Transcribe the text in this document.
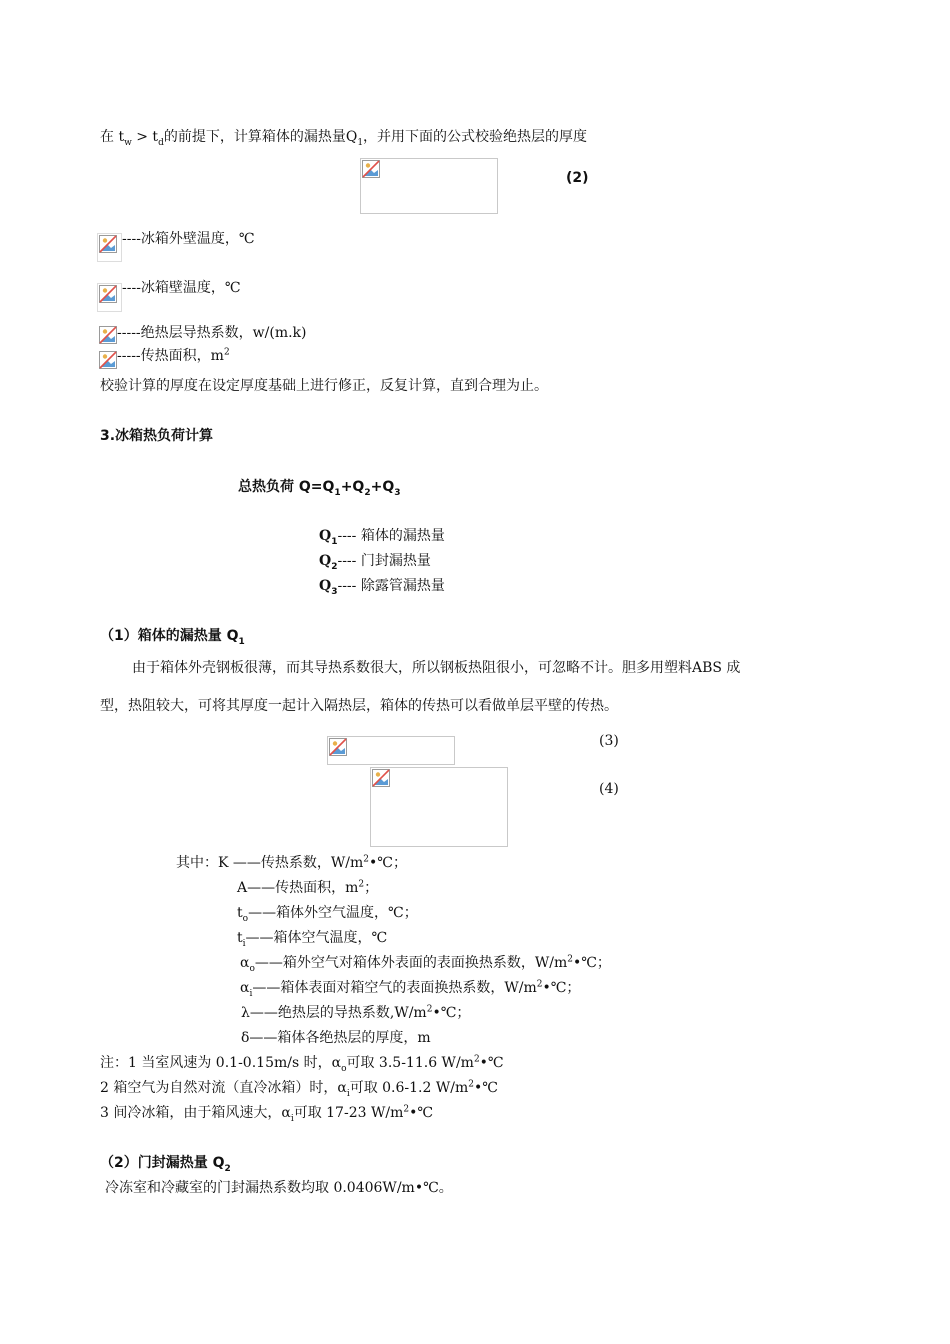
在 $t_w > t_d$的前提下，计算箱体的漏热量$Q_1$，并用下面的公式校验绝热层的厚度
(2)
----冰箱外壁温度，℃
----冰箱壁温度，℃
-----绝热层导热系数，w/(m.k)
-----传热面积，$m^2$
校验计算的厚度在设定厚度基础上进行修正，反复计算，直到合理为止。
3.冰箱热负荷计算
总热负荷 $Q=Q_1+Q_2+Q_3$
$Q_1----$ 箱体的漏热量
$Q_2----$ 门封漏热量
$Q_3----$ 除露管漏热量
（1）箱体的漏热量 $Q_1$
由于箱体外壳钢板很薄，而其导热系数很大，所以钢板热阻很小，可忽略不计。胆多用塑料ABS 成
型，热阻较大，可将其厚度一起计入隔热层，箱体的传热可以看做单层平壁的传热。
(3)
(4)
其中：K ——传热系数，$W/m^2•℃$；
A——传热面积，$m^2$；
$t_o——$箱体外空气温度，℃；
$t_i——$箱体空气温度，℃
$\alpha_o——$箱外空气对箱体外表面的表面换热系数，$W/m^2•℃$；
$\alpha_i——$箱体表面对箱空气的表面换热系数，$W/m^2•℃$；
λ——绝热层的导热系数$,W/m^2•℃$；
δ——箱体各绝热层的厚度，m
注：1 当室风速为 0.1-0.15m/s 时，$\alpha_o$可取 3.5-11.6 $W/m^2•℃$
2 箱空气为自然对流（直冷冰箱）时，$\alpha_i$可取 0.6-1.2 $W/m^2•℃$
3 间冷冰箱，由于箱风速大，$\alpha_i$可取 17-23 $W/m^2•℃$
（2）门封漏热量 $Q_2$
冷冻室和冷藏室的门封漏热系数均取 0.0406W/m•℃。
